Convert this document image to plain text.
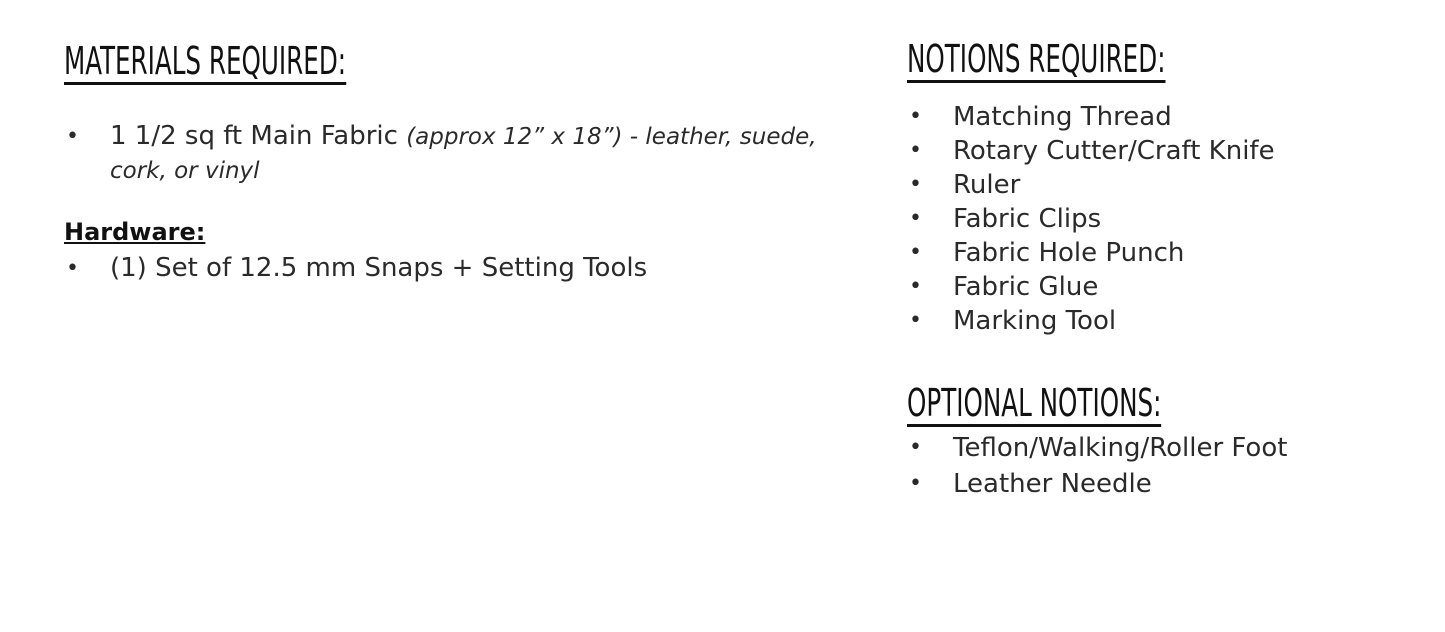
MATERIALS REQUIRED:
• 1 1/2 sq ft Main Fabric (approx 12” x 18”) - leather, suede, cork, or vinyl
Hardware:
• (1) Set of 12.5 mm Snaps + Setting Tools
NOTIONS REQUIRED:
• Matching Thread
• Rotary Cutter/Craft Knife
• Ruler
• Fabric Clips
• Fabric Hole Punch
• Fabric Glue
• Marking Tool
OPTIONAL NOTIONS:
• Teflon/Walking/Roller Foot
• Leather Needle
